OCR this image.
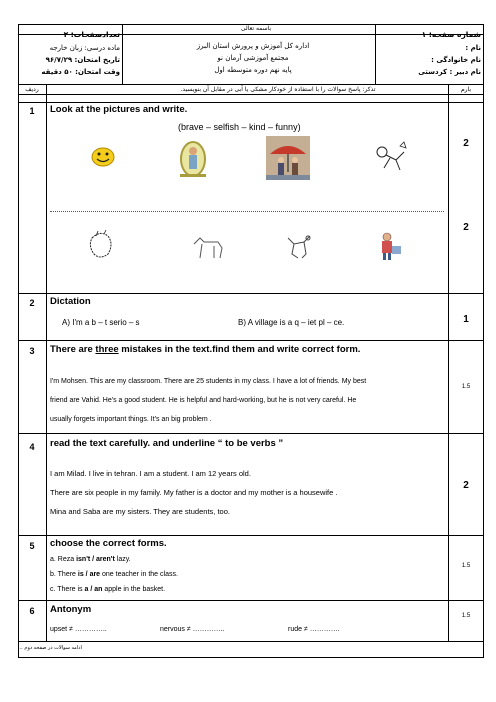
باسمه تعالی
تعدادصفحات: ۲	شماره صفحه: ۱
ماده درسی: زبان خارجه
تاریخ امتحان: ۹۶/۷/۲۹
وقت امتحان: ۵۰ دقیقه
اداره کل آموزش و پرورش استان البرز
مجتمع آموزشی آرمان نو
پایه نهم دوره متوسطه اول
نام :
نام خانوادگی :
نام دبیر : کردستی
ردیف	تذکر: پاسخ سوالات را با استفاده از خودکار مشکی یا آبی در مقابل آن بنویسید.	بارم
1	Look at the pictures and write.
(brave – selfish – kind – funny)
2
2
2	Dictation
A) I'm a b – t serio – s	B) A village is a q – iet pl – ce.	1
3	There are three mistakes in the text.find them and write correct form.
I'm Mohsen. This are my classroom. There are 25 students in my class. I have a lot of friends. My best
friend are Vahid. He's a good student. He is helpful and hard-working, but he is not very careful. He
usually forgets important things. It's an big problem .
1.5
4	read the text carefully. and underline “ to be verbs ”
I am Milad. I live in tehran. I am a student. I am 12 years old.
There are six people in my family. My father is a doctor and my mother is a housewife .
Mina and Saba are my sisters. They are students, too.
2
5	choose the correct forms.
a. Reza isn't / aren't lazy.
b. There is / are one teacher in the class.
c. There is a / an apple in the basket.
1.5
6	Antonym
upset ≠ …………..	nervous ≠ …………..	rude ≠ ………….
1.5
ادامه سوالات در صفحه دوم ...
